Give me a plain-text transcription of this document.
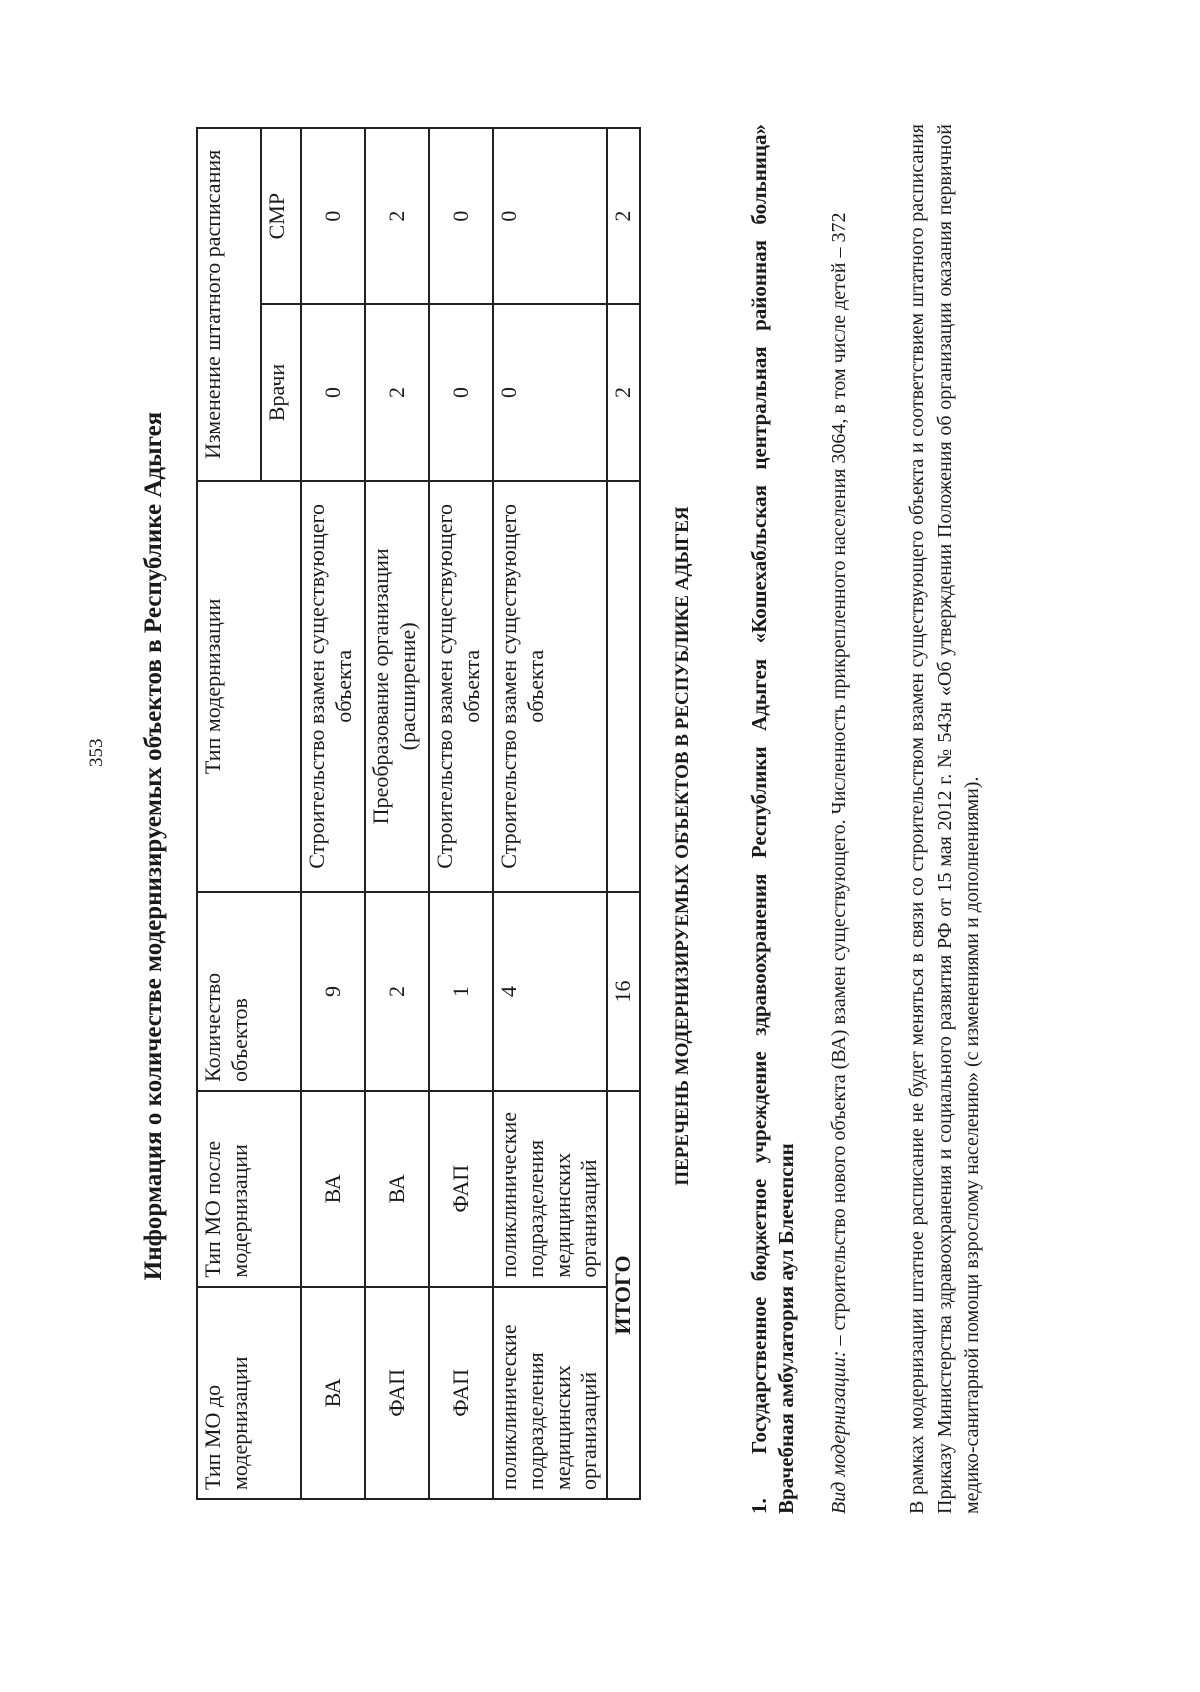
353 Информация о количестве модернизируемых объектов в Республике Адыгея
Тип МО до модернизации	Тип МО после модернизации	Количество объектов	Тип модернизации	Изменение штатного расписания	
				Врачи	СМР
ВА	ВА	9	Строительство взамен существующего объекта	0	0
ФАП	ВА	2	Преобразование организации (расширение)	2	2
ФАП	ФАП	1	Строительство взамен существующего объекта	0	0
поликлинические подразделения медицинских организаций	поликлинические подразделения медицинских организаций	4	Строительство взамен существующего объекта	0	0
ИТОГО		16		2	2
ПЕРЕЧЕНЬ МОДЕРНИЗИРУЕМЫХ ОБЪЕКТОВ В РЕСПУБЛИКЕ АДЫГЕЯ
1.Государственное бюджетное учреждение здравоохранения Республики Адыгея «Кошехабльская центральная районная больница» Врачебная амбулатория аул Блечепсин Вид модернизации: – строительство нового объекта (ВА) взамен существующего. Численность прикрепленного населения 3064, в том числе детей – 372	В рамках модернизации штатное расписание не будет меняться в связи со строительством взамен существующего объекта и соответствием штатного расписания Приказу Министерства здравоохранения и социального развития РФ от 15 мая 2012 г. № 543н «Об утверждении Положения об организации оказания первичной медико-санитарной помощи взрослому населению» (с изменениями и дополнениями).
